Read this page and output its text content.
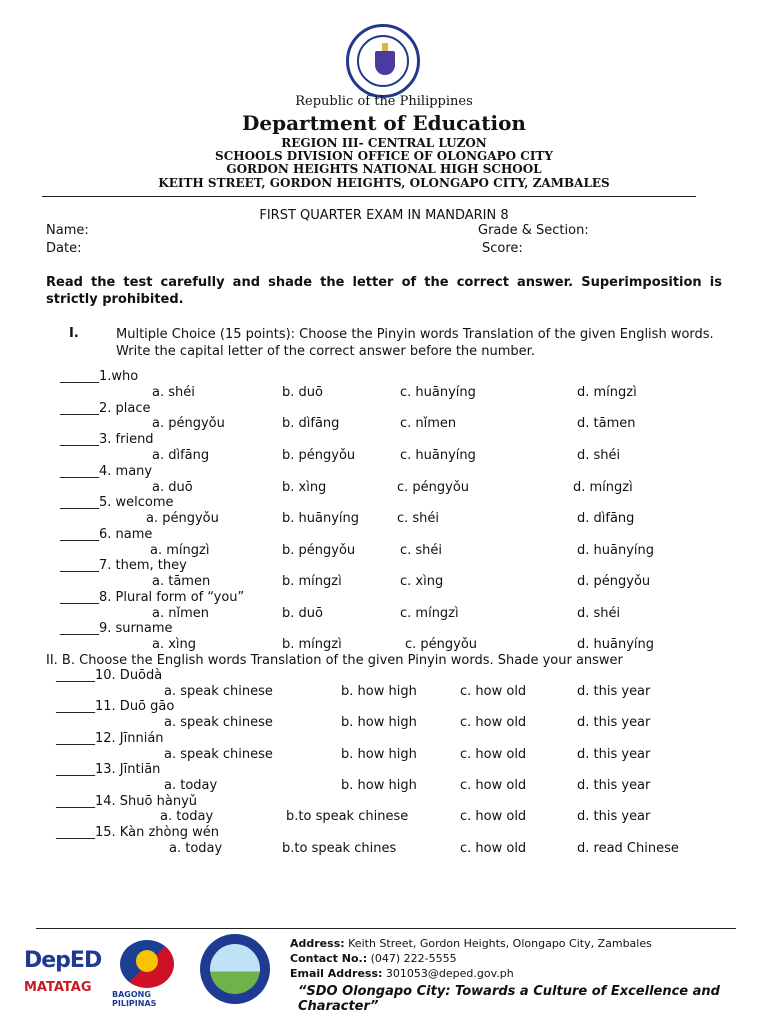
Republic of the Philippines
Department of Education
REGION III- CENTRAL LUZON
SCHOOLS DIVISION OFFICE OF OLONGAPO CITY
GORDON HEIGHTS NATIONAL HIGH SCHOOL
KEITH STREET, GORDON HEIGHTS, OLONGAPO CITY, ZAMBALES
FIRST QUARTER EXAM IN MANDARIN 8
Name:
Date:
Grade & Section:
Score:
Read the test carefully and shade the letter of the correct answer. Superimposition is strictly prohibited.
I.	Multiple Choice (15 points): Choose the Pinyin words Translation of the given English words. Write the capital letter of the correct answer before the number.
______1.who
a. shéi	b. duō	c. huānyíng	d. míngzì
______2. place
a. péngyǒu	b. dìfāng	c. nǐmen	d. tāmen
______3. friend
a. dìfāng	b. péngyǒu	c. huānyíng	d. shéi
______4. many
a. duō	b. xìng	c. péngyǒu	d. míngzì
______5. welcome
a. péngyǒu	b. huānyíng	c. shéi	d. dìfāng
______6. name
a. míngzì	b. péngyǒu	c. shéi	d. huānyíng
______7. them, they
a. tāmen	b. míngzì	c. xìng	d. péngyǒu
______8. Plural form of “you”
a. nǐmen	b. duō	c. míngzì	d. shéi
______9. surname
a. xìng	b. míngzì	c. péngyǒu	d. huānyíng
II. B. Choose the English words Translation of the given Pinyin words. Shade your answer
______10. Duōdà
a. speak chinese	b. how high	c. how old	d. this year
______11. Duō gāo
a. speak chinese	b. how high	c. how old	d. this year
______12. Jīnnián
a. speak chinese	b. how high	c. how old	d. this year
______13. Jīntiān
a. today	b. how high	c. how old	d. this year
______14. Shuō hànyǔ
a. today	b.to speak chinese	c. how old	d. this year
______15. Kàn zhòng wén
a. today	b.to speak chines	c. how old	d. read Chinese
DepED
MATATAG	BAGONG PILIPINAS
Address: Keith Street, Gordon Heights, Olongapo City, Zambales
Contact No.: (047) 222-5555
Email Address: 301053@deped.gov.ph
“SDO Olongapo City: Towards a Culture of Excellence and Character”
